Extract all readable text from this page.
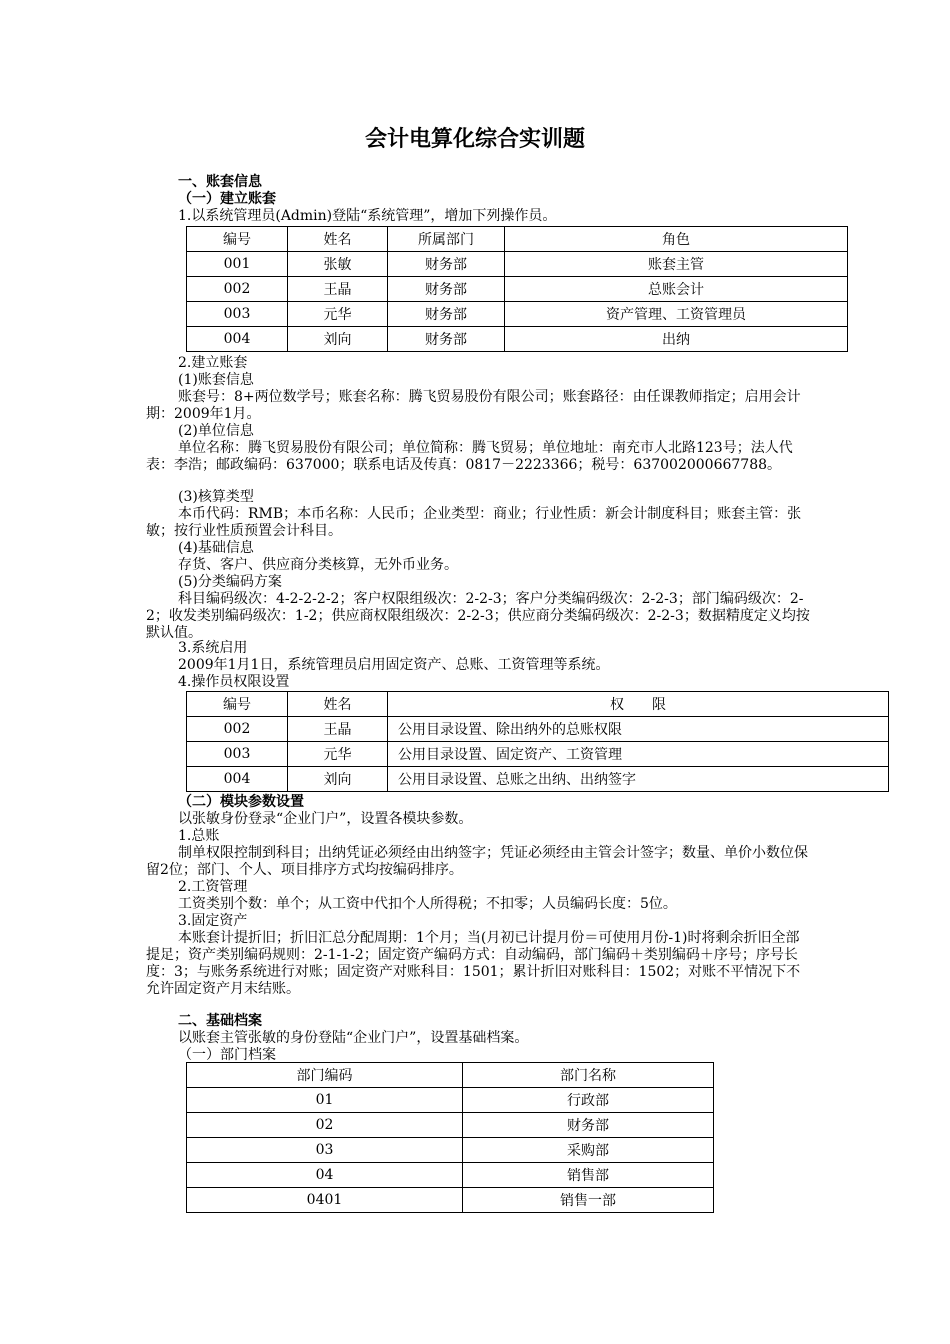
会计电算化综合实训题
一、账套信息
（一）建立账套
1.以系统管理员(Admin)登陆“系统管理”，增加下列操作员。
编号	姓名	所属部门	角色
001	张敏	财务部	账套主管
002	王晶	财务部	总账会计
003	元华	财务部	资产管理、工资管理员
004	刘向	财务部	出纳
2.建立账套
(1)账套信息
账套号：8+两位数学号；账套名称：腾飞贸易股份有限公司；账套路径：由任课教师指定；启用会计期：2009年1月。
(2)单位信息
单位名称：腾飞贸易股份有限公司；单位简称：腾飞贸易；单位地址：南充市人北路123号；法人代表：李浩；邮政编码：637000；联系电话及传真：0817－2223366；税号：637002000667788。
(3)核算类型
本币代码：RMB；本币名称：人民币；企业类型：商业；行业性质：新会计制度科目；账套主管：张敏；按行业性质预置会计科目。
(4)基础信息
存货、客户、供应商分类核算，无外币业务。
(5)分类编码方案
科目编码级次：4-2-2-2-2；客户权限组级次：2-2-3；客户分类编码级次：2-2-3；部门编码级次：2-2；收发类别编码级次：1-2；供应商权限组级次：2-2-3；供应商分类编码级次：2-2-3；数据精度定义均按默认值。
3.系统启用
2009年1月1日，系统管理员启用固定资产、总账、工资管理等系统。
4.操作员权限设置
编号	姓名	权　　限
002	王晶	公用目录设置、除出纳外的总账权限
003	元华	公用目录设置、固定资产、工资管理
004	刘向	公用目录设置、总账之出纳、出纳签字
（二）模块参数设置
以张敏身份登录“企业门户”，设置各模块参数。
1.总账
制单权限控制到科目；出纳凭证必须经由出纳签字；凭证必须经由主管会计签字；数量、单价小数位保留2位；部门、个人、项目排序方式均按编码排序。
2.工资管理
工资类别个数：单个；从工资中代扣个人所得税；不扣零；人员编码长度：5位。
3.固定资产
本账套计提折旧；折旧汇总分配周期：1个月；当(月初已计提月份＝可使用月份-1)时将剩余折旧全部提足；资产类别编码规则：2-1-1-2；固定资产编码方式：自动编码，部门编码＋类别编码＋序号；序号长度：3；与账务系统进行对账；固定资产对账科目：1501；累计折旧对账科目：1502；对账不平情况下不允许固定资产月末结账。
二、基础档案
以账套主管张敏的身份登陆“企业门户”，设置基础档案。
（一）部门档案
部门编码	部门名称
01	行政部
02	财务部
03	采购部
04	销售部
0401	销售一部
